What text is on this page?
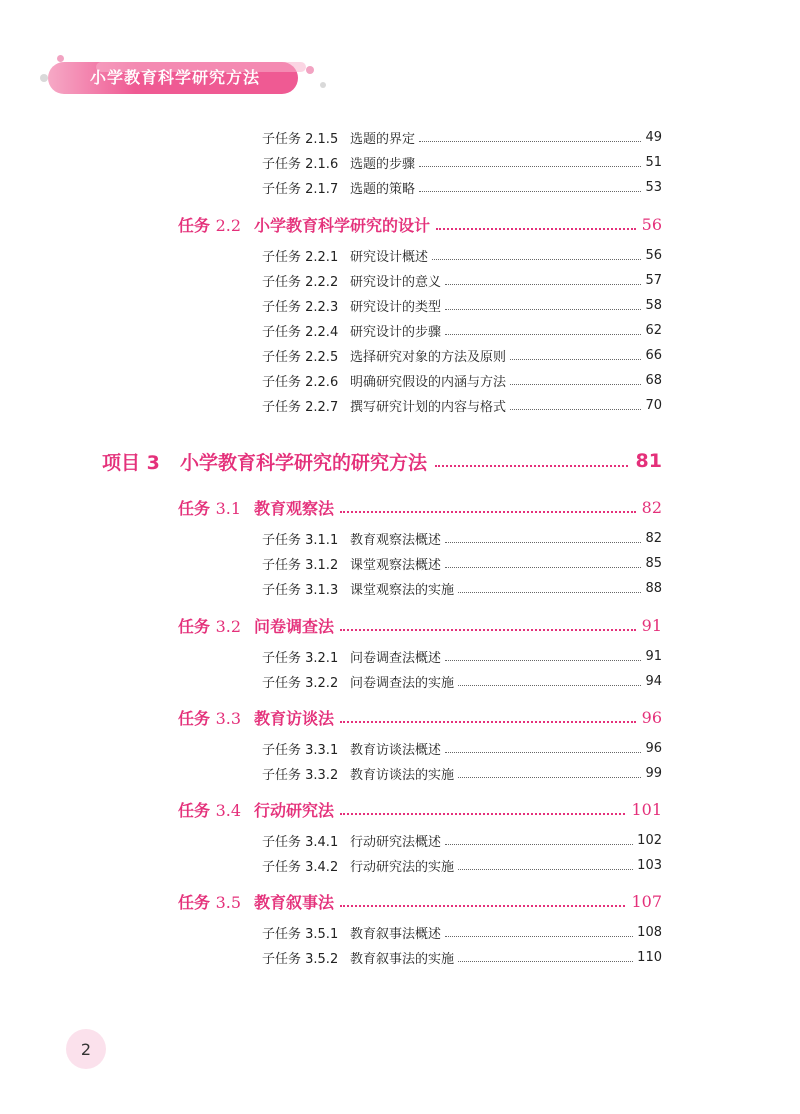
小学教育科学研究方法
子任务 2.1.5 选题的界定	49
子任务 2.1.6 选题的步骤	51
子任务 2.1.7 选题的策略	53
任务 2.2 小学教育科学研究的设计	56
子任务 2.2.1 研究设计概述	56
子任务 2.2.2 研究设计的意义	57
子任务 2.2.3 研究设计的类型	58
子任务 2.2.4 研究设计的步骤	62
子任务 2.2.5 选择研究对象的方法及原则	66
子任务 2.2.6 明确研究假设的内涵与方法	68
子任务 2.2.7 撰写研究计划的内容与格式	70
项目 3	小学教育科学研究的研究方法	81
任务 3.1 教育观察法	82
子任务 3.1.1 教育观察法概述	82
子任务 3.1.2 课堂观察法概述	85
子任务 3.1.3 课堂观察法的实施	88
任务 3.2 问卷调查法	91
子任务 3.2.1 问卷调查法概述	91
子任务 3.2.2 问卷调查法的实施	94
任务 3.3 教育访谈法	96
子任务 3.3.1 教育访谈法概述	96
子任务 3.3.2 教育访谈法的实施	99
任务 3.4 行动研究法	101
子任务 3.4.1 行动研究法概述	102
子任务 3.4.2 行动研究法的实施	103
任务 3.5 教育叙事法	107
子任务 3.5.1 教育叙事法概述	108
子任务 3.5.2 教育叙事法的实施	110
2
